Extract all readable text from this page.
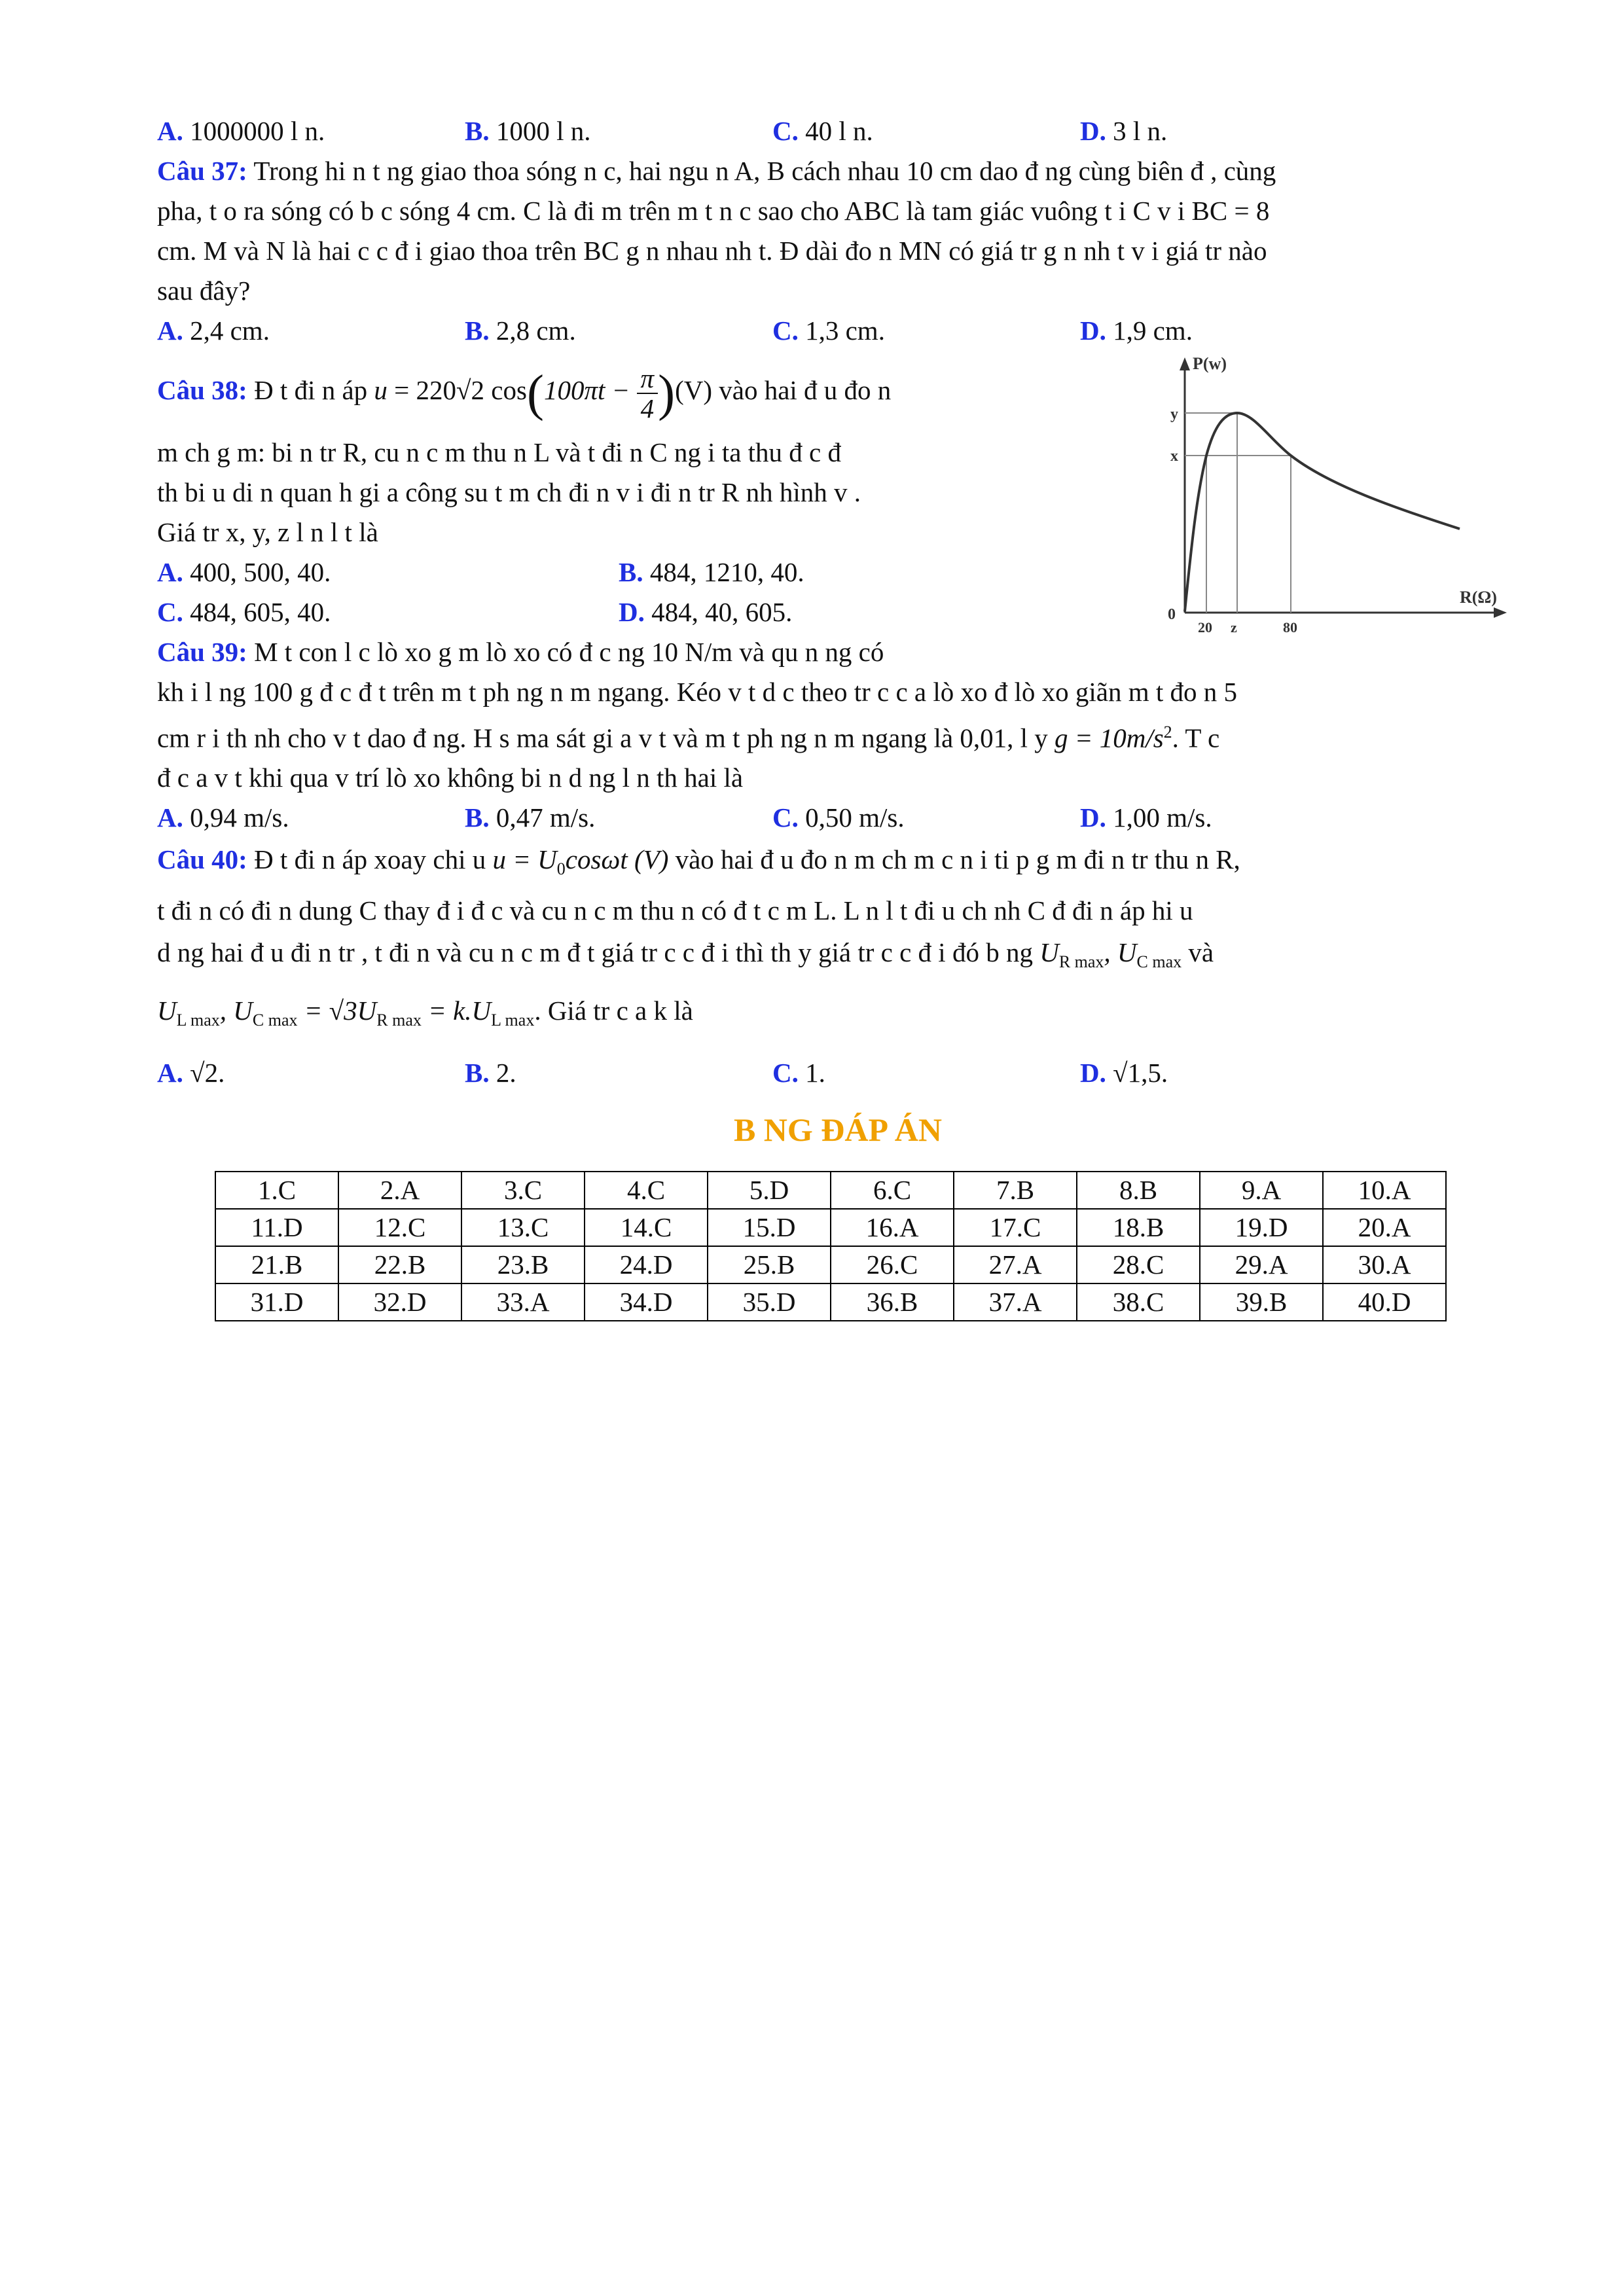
A. 1000000 l n.	B. 1000 l n.	C. 40 l n.	D. 3 l n.
Câu 37: Trong hi n t ng giao thoa sóng n c, hai ngu n A, B cách nhau 10 cm dao đ ng cùng biên đ , cùng
pha, t o ra sóng có b c sóng 4 cm. C là đi m trên m t n c sao cho ABC là tam giác vuông t i C v i BC = 8
cm. M và N là hai c c đ i giao thoa trên BC g n nhau nh t. Đ dài đo n MN có giá tr g n nh t v i giá tr nào
sau đây?
A. 2,4 cm.	B. 2,8 cm.	C. 1,3 cm.	D. 1,9 cm.
Câu 38: Đ t đi n áp u = 220√2 $\cos(100\pi t - \frac{\pi}{4} )(V)$ vào hai đ u đo n
m ch g m: bi n tr R, cu n c m thu n L và t đi n C ng i ta thu đ c đ
th bi u di n quan h gi a công su t m ch đi n v i đi n tr R nh hình v .
Giá tr x, y, z l n l t là
A. 400, 500, 40.	B. 484, 1210, 40.
C. 484, 605, 40.	D. 484, 40, 605.
P(w)
R(Ω)
0
y
x
20 z	80
Câu 39: M t con l c lò xo g m lò xo có đ c ng 10 N/m và qu n ng có
kh i l ng 100 g đ c đ t trên m t ph ng n m ngang. Kéo v t d c theo tr c c a lò xo đ lò xo giãn m t đo n 5
cm r i th nh cho v t dao đ ng. H s ma sát gi a v t và m t ph ng n m ngang là 0,01, l y $g = 10m/s^2$. T c
đ c a v t khi qua v trí lò xo không bi n d ng l n th hai là
A. 0,94 m/s.	B. 0,47 m/s.	C. 0,50 m/s.	D. 1,00 m/s.
Câu 40: Đ t đi n áp xoay chi u $u = U_0\cos\omega t$ (V) vào hai đ u đo n m ch m c n i ti p g m đi n tr thu n R,
t đi n có đi n dung C thay đ i đ c và cu n c m thu n có đ t c m L. L n l t đi u ch nh C đ đi n áp hi u
d ng hai đ u đi n tr , t đi n và cu n c m đ t giá tr c c đ i thì th y giá tr c c đ i đó b ng $U_{R max}$, $U_{C max}$ và
$U_{L max}$, $U_{C max} = √3U_{R max} = k.U_{L max}$. Giá tr c a k là
A. √2.	B. 2.	C. 1.	D. √1,5.
B NG ĐÁP ÁN
1.C	2.A	3.C	4.C	5.D	6.C	7.B	8.B	9.A	10.A
11.D	12.C	13.C	14.C	15.D	16.A	17.C	18.B	19.D	20.A
21.B	22.B	23.B	24.D	25.B	26.C	27.A	28.C	29.A	30.A
31.D	32.D	33.A	34.D	35.D	36.B	37.A	38.C	39.B	40.D
